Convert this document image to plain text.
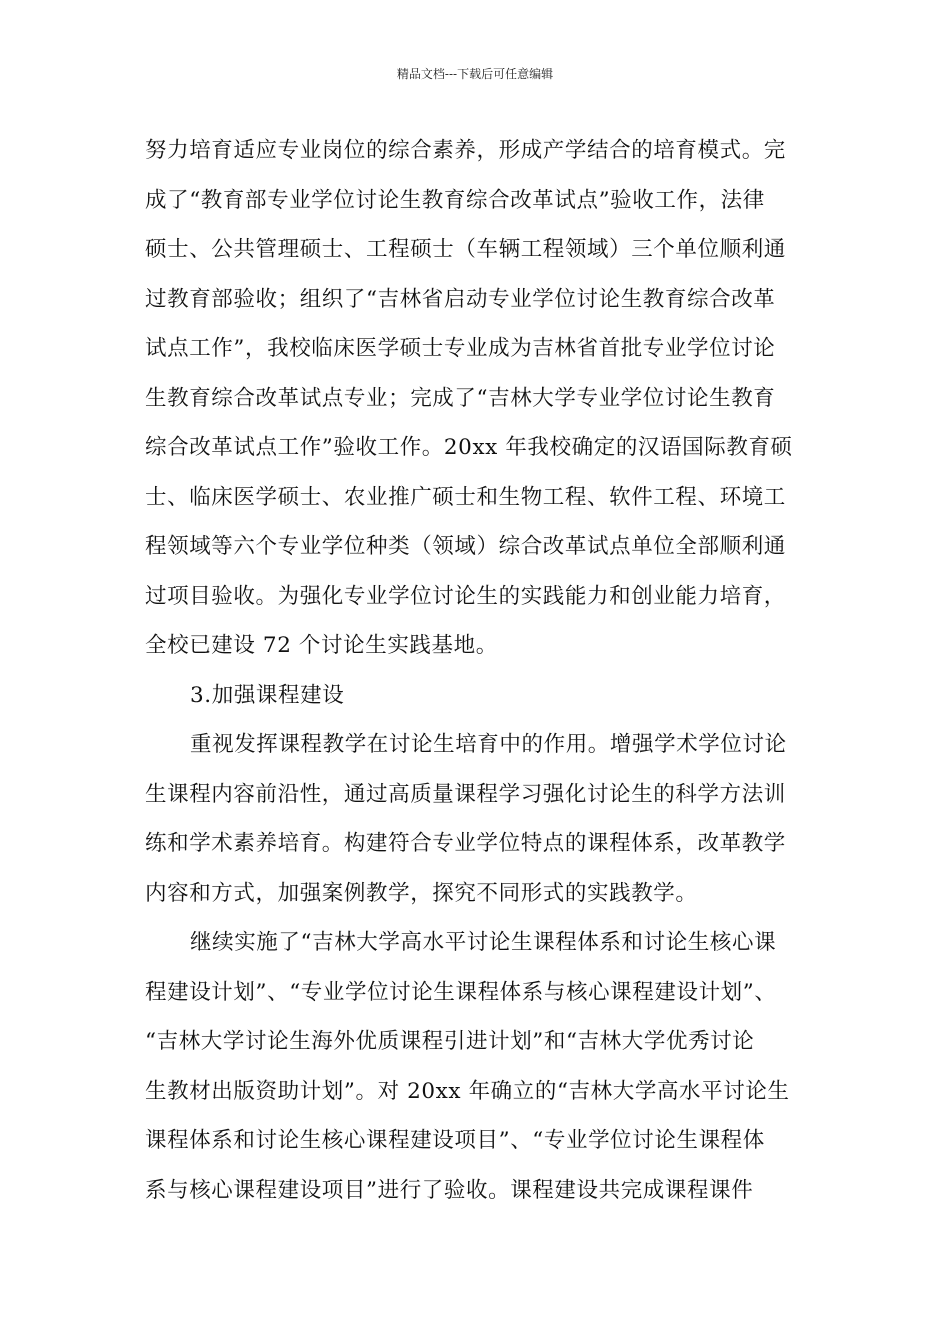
精品文档---下载后可任意编辑
努力培育适应专业岗位的综合素养，形成产学结合的培育模式。完
成了“教育部专业学位讨论生教育综合改革试点”验收工作，法律
硕士、公共管理硕士、工程硕士（车辆工程领域）三个单位顺利通
过教育部验收；组织了“吉林省启动专业学位讨论生教育综合改革
试点工作”，我校临床医学硕士专业成为吉林省首批专业学位讨论
生教育综合改革试点专业；完成了“吉林大学专业学位讨论生教育
综合改革试点工作”验收工作。20xx 年我校确定的汉语国际教育硕
士、临床医学硕士、农业推广硕士和生物工程、软件工程、环境工
程领域等六个专业学位种类（领域）综合改革试点单位全部顺利通
过项目验收。为强化专业学位讨论生的实践能力和创业能力培育，
全校已建设 72 个讨论生实践基地。
3.加强课程建设
重视发挥课程教学在讨论生培育中的作用。增强学术学位讨论
生课程内容前沿性，通过高质量课程学习强化讨论生的科学方法训
练和学术素养培育。构建符合专业学位特点的课程体系，改革教学
内容和方式，加强案例教学，探究不同形式的实践教学。
继续实施了“吉林大学高水平讨论生课程体系和讨论生核心课
程建设计划”、“专业学位讨论生课程体系与核心课程建设计划”、
“吉林大学讨论生海外优质课程引进计划”和“吉林大学优秀讨论
生教材出版资助计划”。对 20xx 年确立的“吉林大学高水平讨论生
课程体系和讨论生核心课程建设项目”、“专业学位讨论生课程体
系与核心课程建设项目”进行了验收。课程建设共完成课程课件
